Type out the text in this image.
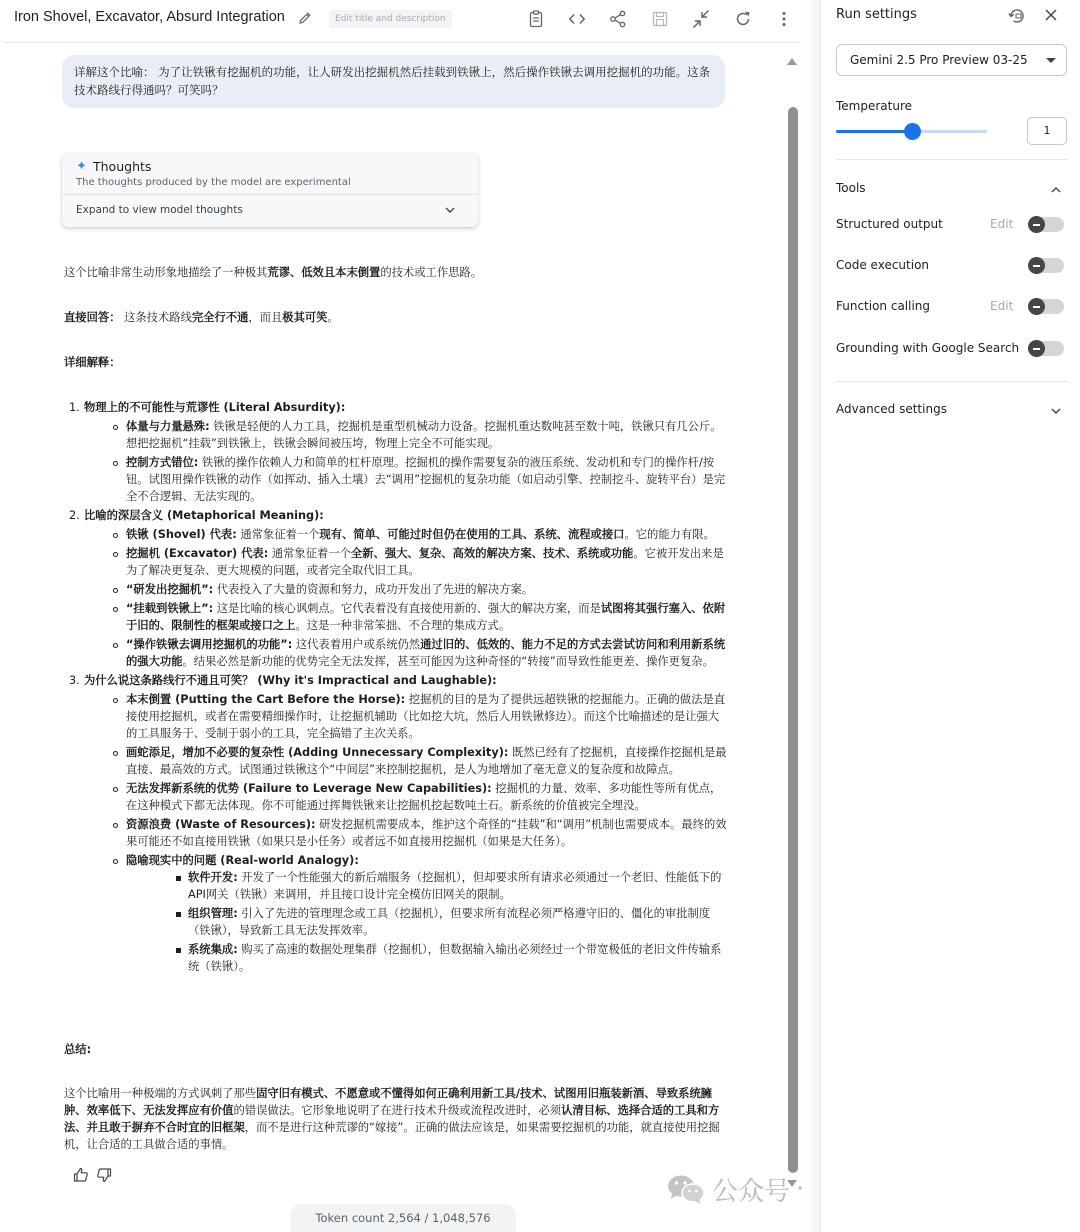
Iron Shovel, Excavator, Absurd Integration	Edit title and description
详解这个比喻： 为了让铁锹有挖掘机的功能，让人研发出挖掘机然后挂载到铁锹上，然后操作铁锹去调用挖掘机的功能。这条技术路线行得通吗？可笑吗？
✦ Thoughts
The thoughts produced by the model are experimental
Expand to view model thoughts

这个比喻非常生动形象地描绘了一种极其荒谬、低效且本末倒置的技术或工作思路。

直接回答： 这条技术路线完全行不通，而且极其可笑。

详细解释：

1. 物理上的不可能性与荒谬性 (Literal Absurdity):
体量与力量悬殊: 铁锹是轻便的人力工具，挖掘机是重型机械动力设备。挖掘机重达数吨甚至数十吨，铁锹只有几公斤。想把挖掘机“挂载”到铁锹上，铁锹会瞬间被压垮，物理上完全不可能实现。
控制方式错位: 铁锹的操作依赖人力和简单的杠杆原理。挖掘机的操作需要复杂的液压系统、发动机和专门的操作杆/按钮。试图用操作铁锹的动作（如挥动、插入土壤）去“调用”挖掘机的复杂功能（如启动引擎、控制挖斗、旋转平台）是完全不合逻辑、无法实现的。
2. 比喻的深层含义 (Metaphorical Meaning):
铁锹 (Shovel) 代表: 通常象征着一个现有、简单、可能过时但仍在使用的工具、系统、流程或接口。它的能力有限。
挖掘机 (Excavator) 代表: 通常象征着一个全新、强大、复杂、高效的解决方案、技术、系统或功能。它被开发出来是为了解决更复杂、更大规模的问题，或者完全取代旧工具。
“研发出挖掘机”: 代表投入了大量的资源和努力，成功开发出了先进的解决方案。
“挂载到铁锹上”: 这是比喻的核心讽刺点。它代表着没有直接使用新的、强大的解决方案，而是试图将其强行塞入、依附于旧的、限制性的框架或接口之上。这是一种非常笨拙、不合理的集成方式。
“操作铁锹去调用挖掘机的功能”: 这代表着用户或系统仍然通过旧的、低效的、能力不足的方式去尝试访问和利用新系统的强大功能。结果必然是新功能的优势完全无法发挥，甚至可能因为这种奇怪的“转接”而导致性能更差、操作更复杂。
3. 为什么说这条路线行不通且可笑？ (Why it's Impractical and Laughable):
本末倒置 (Putting the Cart Before the Horse): 挖掘机的目的是为了提供远超铁锹的挖掘能力。正确的做法是直接使用挖掘机，或者在需要精细操作时，让挖掘机辅助（比如挖大坑，然后人用铁锹修边）。而这个比喻描述的是让强大的工具服务于、受制于弱小的工具，完全搞错了主次关系。
画蛇添足，增加不必要的复杂性 (Adding Unnecessary Complexity): 既然已经有了挖掘机，直接操作挖掘机是最直接、最高效的方式。试图通过铁锹这个“中间层”来控制挖掘机，是人为地增加了毫无意义的复杂度和故障点。
无法发挥新系统的优势 (Failure to Leverage New Capabilities): 挖掘机的力量、效率、多功能性等所有优点，在这种模式下都无法体现。你不可能通过挥舞铁锹来让挖掘机挖起数吨土石。新系统的价值被完全埋没。
资源浪费 (Waste of Resources): 研发挖掘机需要成本，维护这个奇怪的“挂载”和“调用”机制也需要成本。最终的效果可能还不如直接用铁锹（如果只是小任务）或者远不如直接用挖掘机（如果是大任务）。
隐喻现实中的问题 (Real-world Analogy):
软件开发: 开发了一个性能强大的新后端服务（挖掘机），但却要求所有请求必须通过一个老旧、性能低下的API网关（铁锹）来调用，并且接口设计完全模仿旧网关的限制。
组织管理: 引入了先进的管理理念或工具（挖掘机），但要求所有流程必须严格遵守旧的、僵化的审批制度（铁锹），导致新工具无法发挥效率。
系统集成: 购买了高速的数据处理集群（挖掘机），但数据输入输出必须经过一个带宽极低的老旧文件传输系统（铁锹）。

总结:

这个比喻用一种极端的方式讽刺了那些固守旧有模式、不愿意或不懂得如何正确利用新工具/技术、试图用旧瓶装新酒、导致系统臃肿、效率低下、无法发挥应有价值的错误做法。它形象地说明了在进行技术升级或流程改进时，必须认清目标、选择合适的工具和方法、并且敢于摒弃不合时宜的旧框架，而不是进行这种荒谬的“嫁接”。正确的做法应该是，如果需要挖掘机的功能，就直接使用挖掘机，让合适的工具做合适的事情。

Token count 2,564 / 1,048,576
公众号 ·
Run settings
Gemini 2.5 Pro Preview 03-25
Temperature
1
Tools
Structured output	Edit
Code execution
Function calling	Edit
Grounding with Google Search
Advanced settings
